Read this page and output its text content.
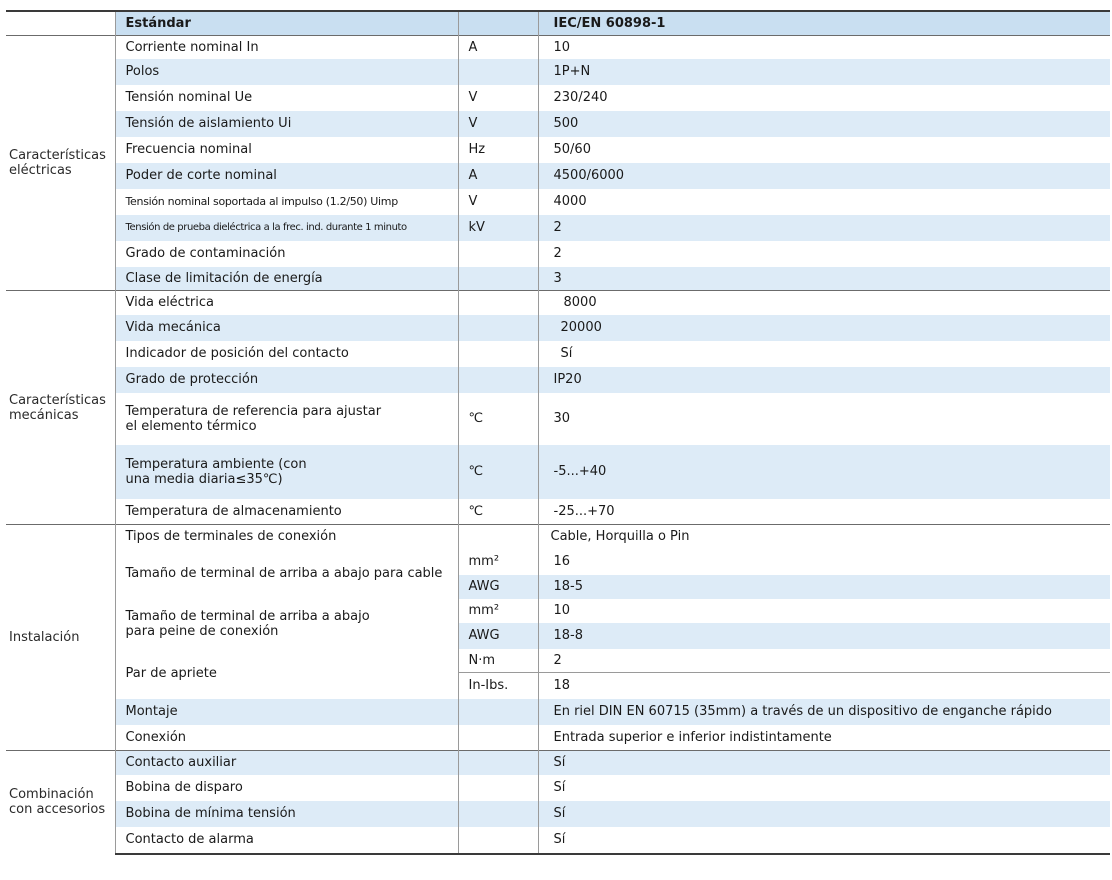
	Estándar		IEC/EN 60898-1
Características eléctricas	Corriente nominal In	A	10
	Polos		1P+N
	Tensión nominal Ue	V	230/240
	Tensión de aislamiento Ui	V	500
	Frecuencia nominal	Hz	50/60
	Poder de corte nominal	A	4500/6000
	Tensión nominal soportada al impulso (1.2/50) Uimp	V	4000
	Tensión de prueba dieléctrica a la frec. ind. durante 1 minuto	kV	2
	Grado de contaminación		2
	Clase de limitación de energía		3
Características mecánicas	Vida eléctrica		8000
	Vida mecánica		20000
	Indicador de posición del contacto		Sí
	Grado de protección		IP20
	Temperatura de referencia para ajustar el elemento térmico	℃	30
	Temperatura ambiente (con una media diaria≤35℃)	℃	-5...+40
	Temperatura de almacenamiento	℃	-25...+70
Instalación	Tipos de terminales de conexión		Cable, Horquilla o Pin
	Tamaño de terminal de arriba a abajo para cable	mm²	16
		AWG	18-5
	Tamaño de terminal de arriba a abajo para peine de conexión	mm²	10
		AWG	18-8
	Par de apriete	N·m	2
		In-Ibs.	18
	Montaje		En riel DIN EN 60715 (35mm) a través de un dispositivo de enganche rápido
	Conexión		Entrada superior e inferior indistintamente
Combinación con accesorios	Contacto auxiliar		Sí
	Bobina de disparo		Sí
	Bobina de mínima tensión		Sí
	Contacto de alarma		Sí
